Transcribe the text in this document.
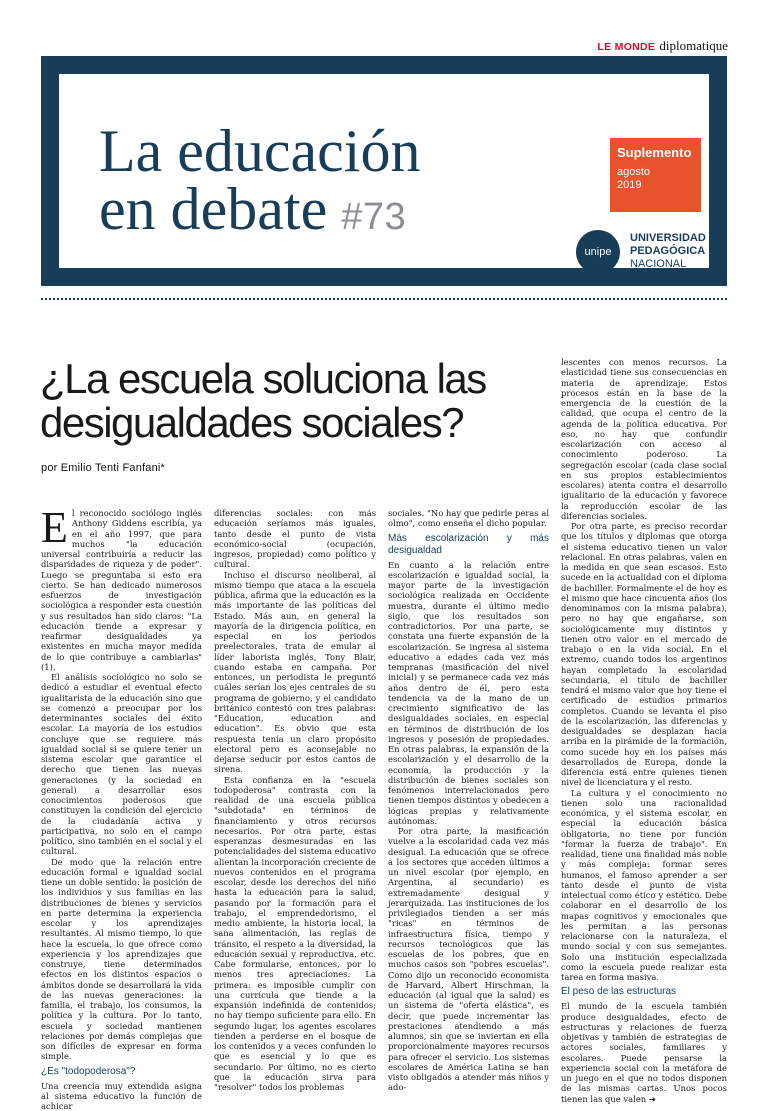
LE MONDE diplomatique
La educación
en debate #73
Suplemento
agosto
2019
unipe
UNIVERSIDAD
PEDAGÓGICA
NACIONAL
¿La escuela soluciona las desigualdades sociales?
por Emilio Tenti Fanfani*

El reconocido sociólogo inglés Anthony Giddens escribía, ya en el año 1997, que para muchos "la educación universal contribuiría a reducir las disparidades de riqueza y de poder". Luego se preguntaba si esto era cierto. Se han dedicado numerosos esfuerzos de investigación sociológica a responder esta cuestión y sus resultados han sido claros: "La educación tiende a expresar y reafirmar desigualdades ya existentes en mucha mayor medida de lo que contribuye a cambiarlas" (1).

El análisis sociológico no solo se dedicó a estudiar el eventual efecto igualitarista de la educación sino que se comenzó a preocupar por los determinantes sociales del éxito escolar. La mayoría de los estudios concluye que se requiere más igualdad social si se quiere tener un sistema escolar que garantice el derecho que tienen las nuevas generaciones (y la sociedad en general) a desarrollar esos conocimientos poderosos que constituyen la condición del ejercicio de la ciudadanía activa y participativa, no solo en el campo político, sino también en el social y el cultural.

De modo que la relación entre educación formal e igualdad social tiene un doble sentido: la posición de los individuos y sus familias en las distribuciones de bienes y servicios en parte determina la experiencia escolar y los aprendizajes resultantes. Al mismo tiempo, lo que hace la escuela, lo que ofrece como experiencia y los aprendizajes que construye, tiene determinados efectos en los distintos espacios o ámbitos donde se desarrollará la vida de las nuevas generaciones: la familia, el trabajo, los consumos, la política y la cultura. Por lo tanto, escuela y sociedad mantienen relaciones por demás complejas que son difíciles de expresar en forma simple.

¿Es "todopoderosa"?

Una creencia muy extendida asigna al sistema educativo la función de achicar

diferencias sociales: con más educación seríamos más iguales, tanto desde el punto de vista económico-social (ocupación, ingresos, propiedad) como político y cultural.

Incluso el discurso neoliberal, al mismo tiempo que ataca a la escuela pública, afirma que la educación es la más importante de las políticas del Estado. Más aun, en general la mayoría de la dirigencia política, en especial en los periodos preelectorales, trata de emular al líder laborista inglés, Tony Blair, cuando estaba en campaña. Por entonces, un periodista le preguntó cuáles serían los ejes centrales de su programa de gobierno, y el candidato británico contestó con tres palabras: "Education, education and education". Es obvio que esta respuesta tenía un claro propósito electoral pero es aconsejable no dejarse seducir por estos cantos de sirena.

Esta confianza en la "escuela todopoderosa" contrasta con la realidad de una escuela pública "subdotada" en términos de financiamiento y otros recursos necesarios. Por otra parte, estas esperanzas desmesuradas en las potencialidades del sistema educativo alientan la incorporación creciente de nuevos contenidos en el programa escolar, desde los derechos del niño hasta la educación para la salud, pasando por la formación para el trabajo, el emprendedorismo, el medio ambiente, la historia local, la sana alimentación, las reglas de tránsito, el respeto a la diversidad, la educación sexual y reproductiva, etc. Cabe formularse, entonces, por lo menos tres apreciaciones. La primera: es imposible cumplir con una currícula que tiende a la expansión indefinida de contenidos; no hay tiempo suficiente para ello. En segundo lugar, los agentes escolares tienden a perderse en el bosque de los contenidos y a veces confunden lo que es esencial y lo que es secundario. Por último, no es cierto que la educación sirva para "resolver" todos los problemas

sociales. "No hay que pedirle peras al olmo", como enseña el dicho popular.

Más escolarización y más desigualdad

En cuanto a la relación entre escolarización e igualdad social, la mayor parte de la investigación sociológica realizada en Occidente muestra, durante el último medio siglo, que los resultados son contradictorios. Por una parte, se constata una fuerte expansión de la escolarización. Se ingresa al sistema educativo a edades cada vez más tempranas (masificación del nivel inicial) y se permanece cada vez más años dentro de él, pero esta tendencia va de la mano de un crecimiento significativo de las desigualdades sociales, en especial en términos de distribución de los ingresos y posesión de propiedades. En otras palabras, la expansión de la escolarización y el desarrollo de la economía, la producción y la distribución de bienes sociales son fenómenos interrelacionados pero tienen tiempos distintos y obedecen a lógicas propias y relativamente autónomas.

Por otra parte, la masificación vuelve a la escolaridad cada vez más desigual. La educación que se ofrece a los sectores que acceden últimos a un nivel escolar (por ejemplo, en Argentina, al secundario) es extremadamente desigual y jerarquizada. Las instituciones de los privilegiados tienden a ser más "ricas" en términos de infraestructura física, tiempo y recursos tecnológicos que las escuelas de los pobres, que en muchos casos son "pobres escuelas". Como dijo un reconocido economista de Harvard, Albert Hirschman, la educación (al igual que la salud) es un sistema de "oferta elástica", es decir, que puede incrementar las prestaciones atendiendo a más alumnos, sin que se inviertan en ella proporcionalmente mayores recursos para ofrecer el servicio. Los sistemas escolares de América Latina se han visto obligados a atender más niños y ado-

lescentes con menos recursos. La elasticidad tiene sus consecuencias en materia de aprendizaje. Estos procesos están en la base de la emergencia de la cuestión de la calidad, que ocupa el centro de la agenda de la política educativa. Por eso, no hay que confundir escolarización con acceso al conocimiento poderoso. La segregación escolar (cada clase social en sus propios establecimientos escolares) atenta contra el desarrollo igualitario de la educación y favorece la reproducción escolar de las diferencias sociales.

Por otra parte, es preciso recordar que los títulos y diplomas que otorga el sistema educativo tienen un valor relacional. En otras palabras, valen en la medida en que sean escasos. Esto sucede en la actualidad con el diploma de bachiller. Formalmente el de hoy es el mismo que hace cincuenta años (los denominamos con la misma palabra), pero no hay que engañarse, son sociológicamente muy distintos y tienen otro valor en el mercado de trabajo o en la vida social. En el extremo, cuando todos los argentinos hayan completado la escolaridad secundaria, el título de bachiller tendrá el mismo valor que hoy tiene el certificado de estudios primarios completos. Cuando se levanta el piso de la escolarización, las diferencias y desigualdades se desplazan hacia arriba en la pirámide de la formación, como sucede hoy en los países más desarrollados de Europa, donde la diferencia está entre quienes tienen nivel de licenciatura y el resto.

La cultura y el conocimiento no tienen solo una racionalidad económica, y el sistema escolar, en especial la educación básica obligatoria, no tiene por función "formar la fuerza de trabajo". En realidad, tiene una finalidad más noble y más compleja: formar seres humanos, el famoso aprender a ser tanto desde el punto de vista intelectual como ético y estético. Debe colaborar en el desarrollo de los mapas cognitivos y emocionales que les permitan a las personas relacionarse con la naturaleza, el mundo social y con sus semejantes. Solo una institución especializada como la escuela puede realizar esta tarea en forma masiva.

El peso de las estructuras

El mundo de la escuela también produce desigualdades, efecto de estructuras y relaciones de fuerza objetivas y también de estrategias de actores sociales, familiares y escolares. Puede pensarse la experiencia social con la metáfora de un juego en el que no todos disponen de las mismas cartas. Unos pocos tienen las que valen ➔
